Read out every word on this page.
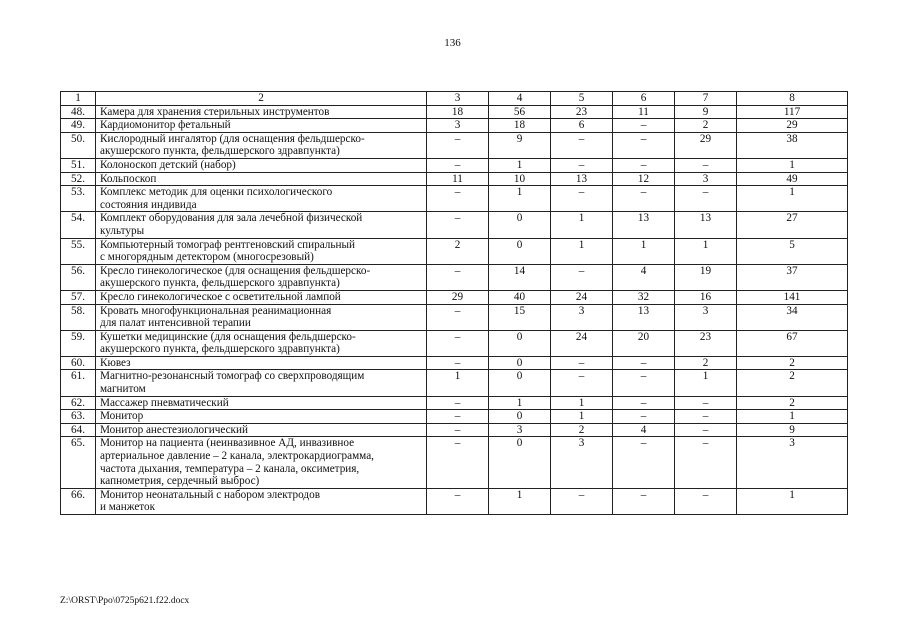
136
1	2	3	4	5	6	7	8
48.	Камера для хранения стерильных инструментов	18	56	23	11	9	117
49.	Кардиомонитор фетальный	3	18	6	–	2	29
50.	Кислородный ингалятор (для оснащения фельдшерско-
акушерского пункта, фельдшерского здравпункта)	–	9	–	–	29	38
51.	Колоноскоп детский (набор)	–	1	–	–	–	1
52.	Кольпоскоп	11	10	13	12	3	49
53.	Комплекс методик для оценки психологического
состояния индивида	–	1	–	–	–	1
54.	Комплект оборудования для зала лечебной физической
культуры	–	0	1	13	13	27
55.	Компьютерный томограф рентгеновский спиральный
с многорядным детектором (многосрезовый)	2	0	1	1	1	5
56.	Кресло гинекологическое (для оснащения фельдшерско-
акушерского пункта, фельдшерского здравпункта)	–	14	–	4	19	37
57.	Кресло гинекологическое с осветительной лампой	29	40	24	32	16	141
58.	Кровать многофункциональная реанимационная
для палат интенсивной терапии	–	15	3	13	3	34
59.	Кушетки медицинские (для оснащения фельдшерско-
акушерского пункта, фельдшерского здравпункта)	–	0	24	20	23	67
60.	Кювез	–	0	–	–	2	2
61.	Магнитно-резонансный томограф со сверхпроводящим
магнитом	1	0	–	–	1	2
62.	Массажер пневматический	–	1	1	–	–	2
63.	Монитор	–	0	1	–	–	1
64.	Монитор анестезиологический	–	3	2	4	–	9
65.	Монитор на пациента (неинвазивное АД, инвазивное
артериальное давление – 2 канала, электрокардиограмма,
частота дыхания, температура – 2 канала, оксиметрия,
капнометрия, сердечный выброс)	–	0	3	–	–	3
66.	Монитор неонатальный с набором электродов
и манжеток	–	1	–	–	–	1
Z:\ORST\Ppo\0725p621.f22.docx
